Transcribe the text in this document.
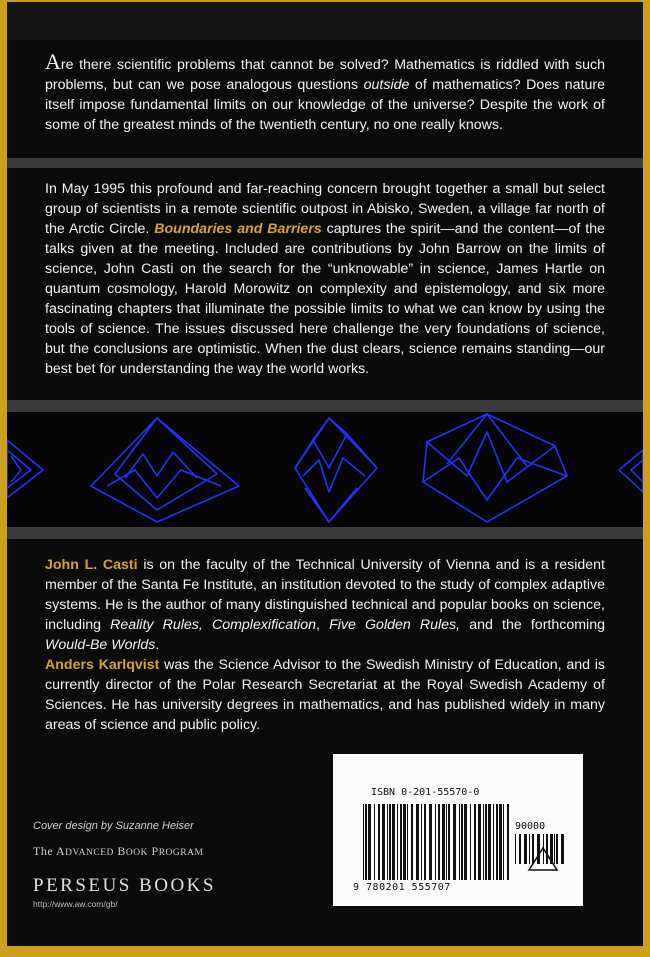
Are there scientific problems that cannot be solved? Mathematics is riddled with such problems, but can we pose analogous questions outside of mathematics? Does nature itself impose fundamental limits on our knowledge of the universe? Despite the work of some of the greatest minds of the twentieth century, no one really knows.

In May 1995 this profound and far-reaching concern brought together a small but select group of scientists in a remote scientific outpost in Abisko, Sweden, a village far north of the Arctic Circle. Boundaries and Barriers captures the spirit—and the content—of the talks given at the meeting. Included are contributions by John Barrow on the limits of science, John Casti on the search for the “unknowable” in science, James Hartle on quantum cosmology, Harold Morowitz on complexity and epistemology, and six more fascinating chapters that illuminate the possible limits to what we can know by using the tools of science. The issues discussed here challenge the very foundations of science, but the conclusions are optimistic. When the dust clears, science remains standing—our best bet for understanding the way the world works.

John L. Casti is on the faculty of the Technical University of Vienna and is a resident member of the Santa Fe Institute, an institution devoted to the study of complex adaptive systems. He is the author of many distinguished technical and popular books on science, including Reality Rules, Complexification, Five Golden Rules, and the forthcoming Would-Be Worlds.

Anders Karlqvist was the Science Advisor to the Swedish Ministry of Education, and is currently director of the Polar Research Secretariat at the Royal Swedish Academy of Sciences. He has university degrees in mathematics, and has published widely in many areas of science and public policy.

Cover design by Suzanne Heiser
The ADVANCED BOOK PROGRAM
PERSEUS BOOKS
http://www.aw.com/gb/
ISBN 0-201-55570-0
90000
9 780201 555707
